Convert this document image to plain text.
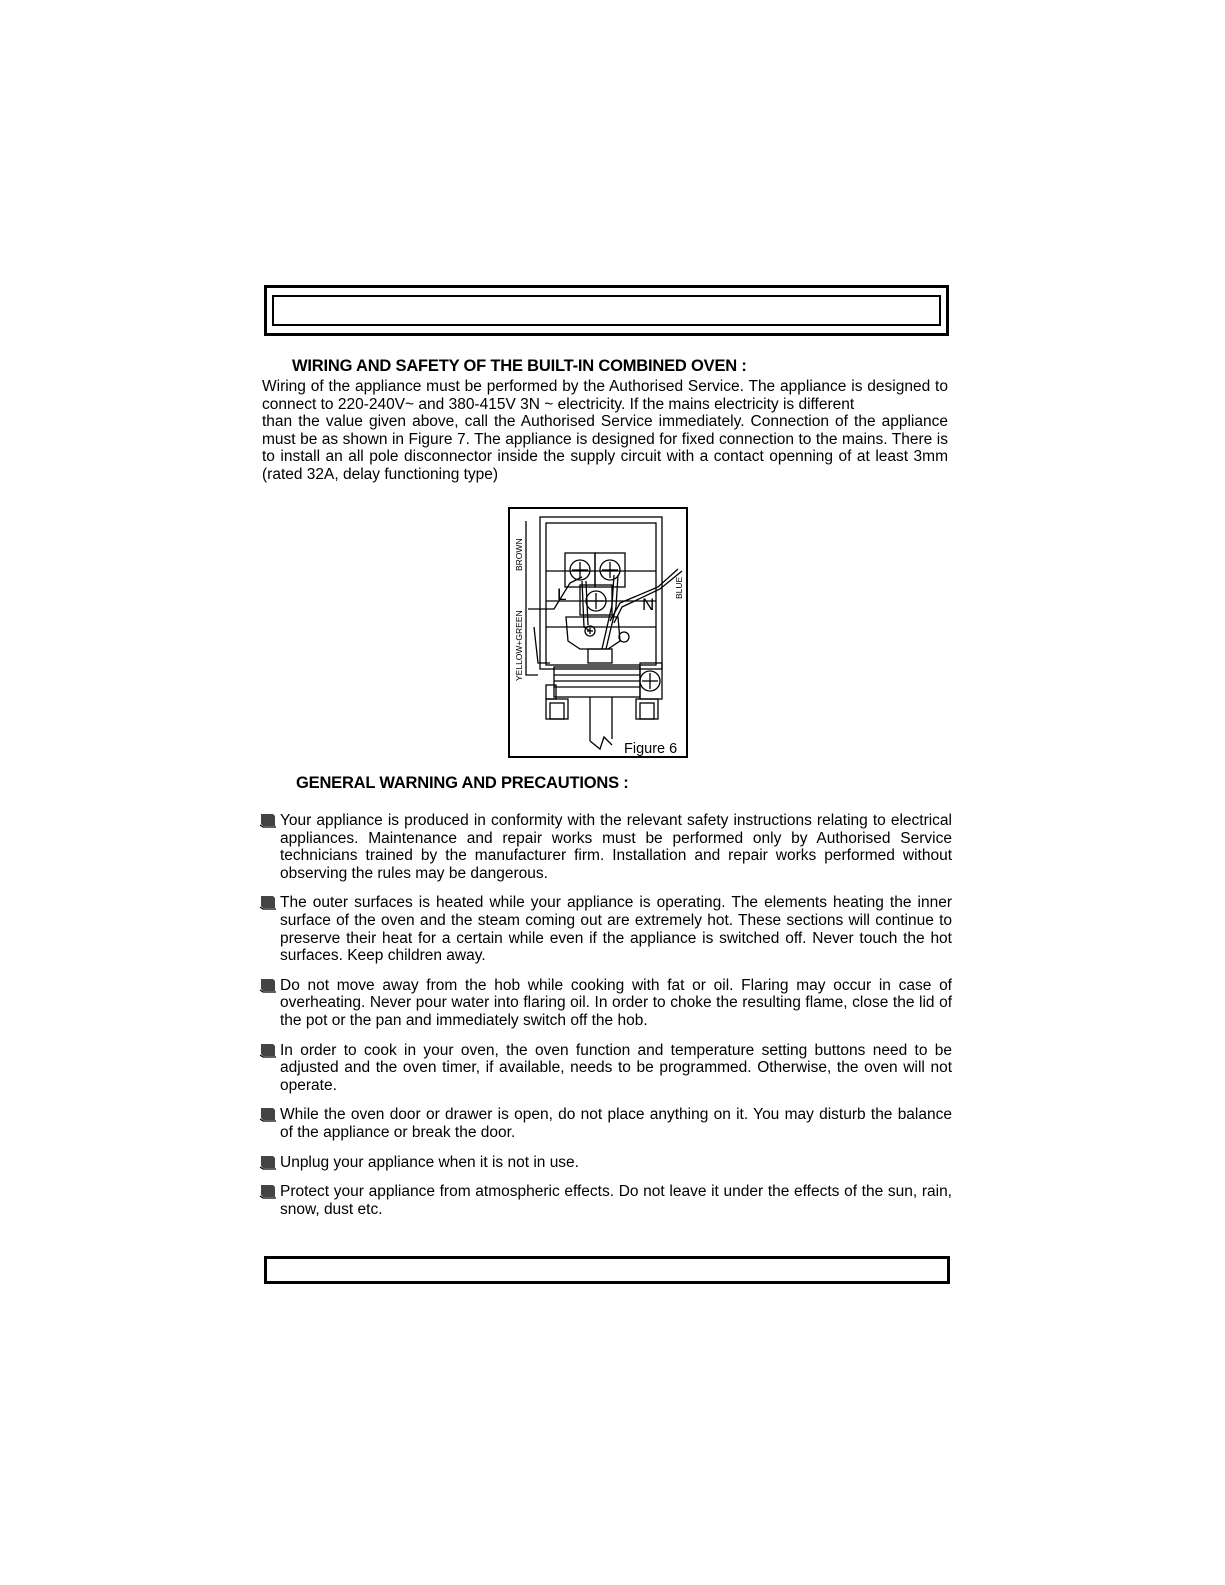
WIRING AND SAFETY OF THE BUILT-IN COMBINED OVEN :

Wiring of the appliance must be performed by the Authorised Service. The appliance is designed to connect to 220-240V~ and 380-415V 3N ~ electricity. If the mains electricity is different

than the value given above, call the Authorised Service immediately. Connection of the appliance must be as shown in Figure 7. The appliance is designed for fixed connection to the mains. There is to install an all pole disconnector inside the supply circuit with a contact openning of at least 3mm (rated 32A, delay functioning type)

L
N
BROWN
YELLOW+GREEN
BLUE
Figure 6
GENERAL WARNING AND PRECAUTIONS :
Your appliance is produced in conformity with the relevant safety instructions relating to electrical appliances. Maintenance and repair works must be performed only by Authorised Service technicians trained by the manufacturer firm. Installation and repair works performed without observing the rules may be dangerous.
The outer surfaces is heated while your appliance is operating. The elements heating the inner surface of the oven and the steam coming out are extremely hot. These sections will continue to preserve their heat for a certain while even if the appliance is switched off. Never touch the hot surfaces. Keep children away.
Do not move away from the hob while cooking with fat or oil. Flaring may occur in case of overheating. Never pour water into flaring oil. In order to choke the resulting flame, close the lid of the pot or the pan and immediately switch off the hob.
In order to cook in your oven, the oven function and temperature setting buttons need to be adjusted and the oven timer, if available, needs to be programmed. Otherwise, the oven will not operate.
While the oven door or drawer is open, do not place anything on it. You may disturb the balance of the appliance or break the door.
Unplug your appliance when it is not in use.
Protect your appliance from atmospheric effects. Do not leave it under the effects of the sun, rain, snow, dust etc.
